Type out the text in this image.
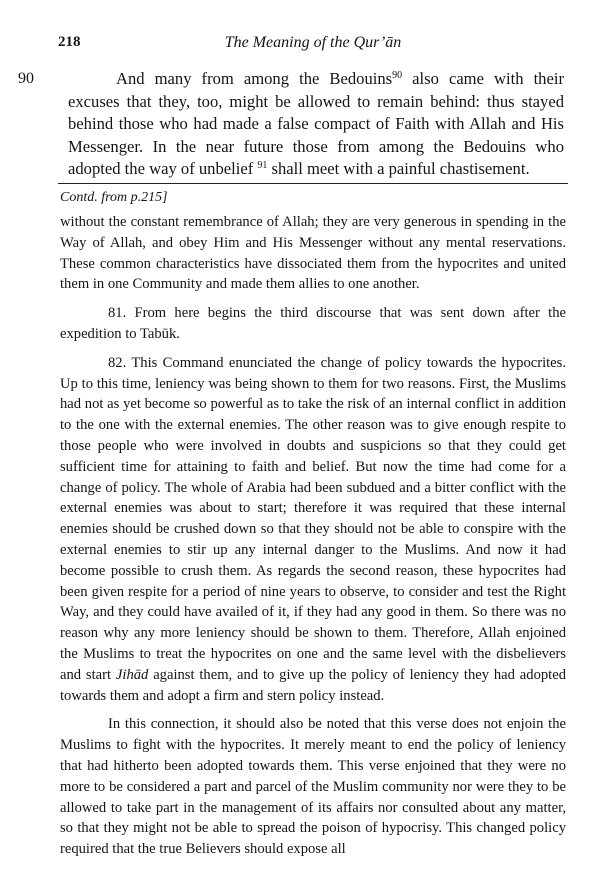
218	The Meaning of the Qur’ān
90	And many from among the Bedouins$^{90}$ also came with their excuses that they, too, might be allowed to remain behind: thus stayed behind those who had made a false compact of Faith with Allah and His Messenger. In the near future those from among the Bedouins who adopted the way of unbelief $^{91}$ shall meet with a painful chastisement.

Contd. from p.215]

without the constant remembrance of Allah; they are very generous in spending in the Way of Allah, and obey Him and His Messenger without any mental reservations. These common characteristics have dissociated them from the hypocrites and united them in one Community and made them allies to one another.

81. From here begins the third discourse that was sent down after the expedition to Tabūk.

82. This Command enunciated the change of policy towards the hypocrites. Up to this time, leniency was being shown to them for two reasons. First, the Muslims had not as yet become so powerful as to take the risk of an internal conflict in addition to the one with the external enemies. The other reason was to give enough respite to those people who were involved in doubts and suspicions so that they could get sufficient time for attaining to faith and belief. But now the time had come for a change of policy. The whole of Arabia had been subdued and a bitter conflict with the external enemies was about to start; therefore it was required that these internal enemies should be crushed down so that they should not be able to conspire with the external enemies to stir up any internal danger to the Muslims. And now it had become possible to crush them. As regards the second reason, these hypocrites had been given respite for a period of nine years to observe, to consider and test the Right Way, and they could have availed of it, if they had any good in them. So there was no reason why any more leniency should be shown to them. Therefore, Allah enjoined the Muslims to treat the hypocrites on one and the same level with the disbelievers and start Jihād against them, and to give up the policy of leniency they had adopted towards them and adopt a firm and stern policy instead.

In this connection, it should also be noted that this verse does not enjoin the Muslims to fight with the hypocrites. It merely meant to end the policy of leniency that had hitherto been adopted towards them. This verse enjoined that they were no more to be considered a part and parcel of the Muslim community nor were they to be allowed to take part in the management of its affairs nor consulted about any matter, so that they might not be able to spread the poison of hypocrisy. This changed policy required that the true Believers should expose all
